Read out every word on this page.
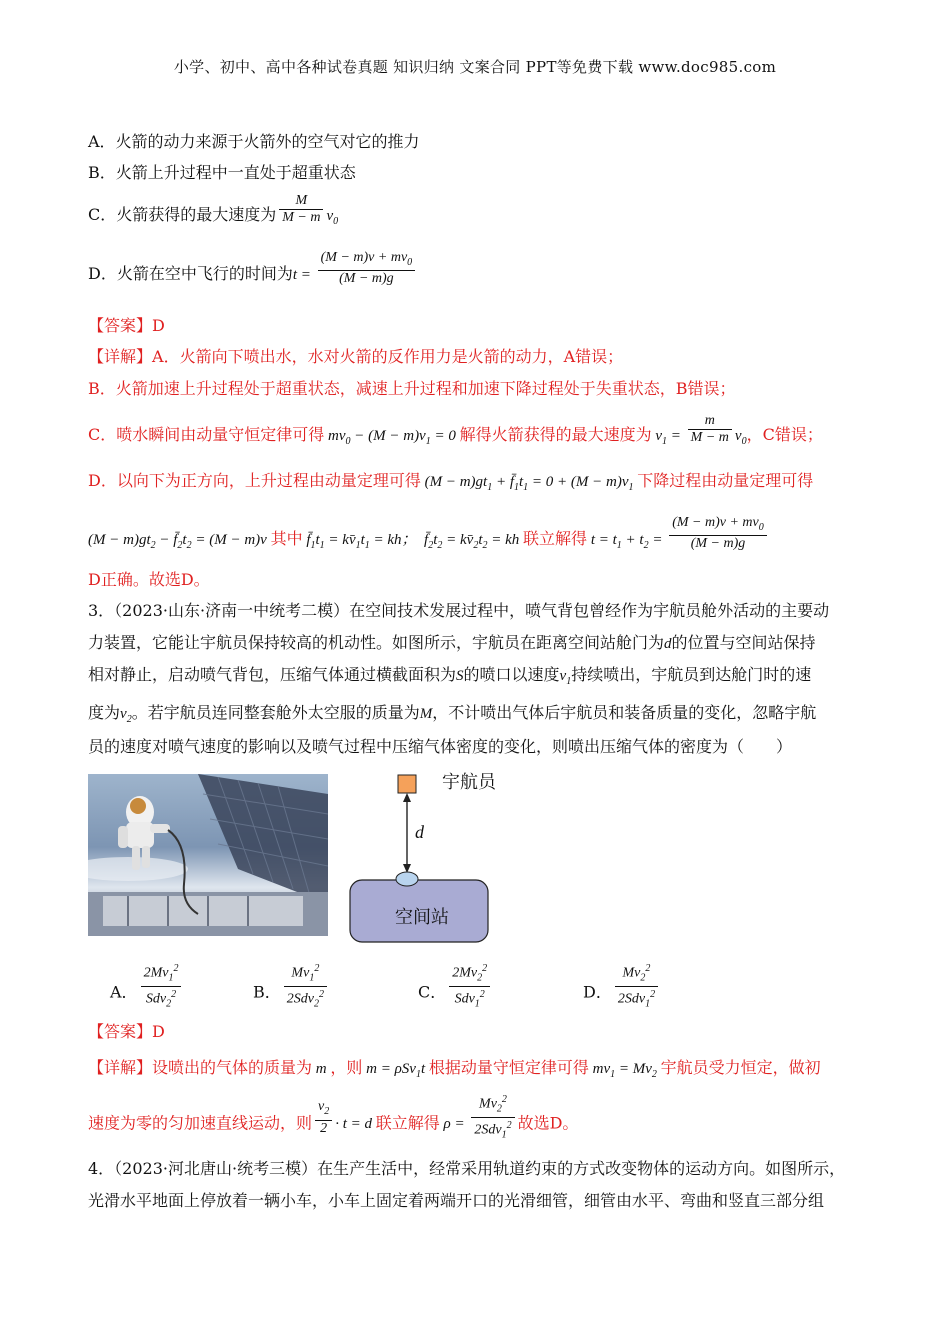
小学、初中、高中各种试卷真题 知识归纳 文案合同 PPT等免费下载 www.doc985.com
A．火箭的动力来源于火箭外的空气对它的推力
B．火箭上升过程中一直处于超重状态
C．火箭获得的最大速度为 $\frac{M}{M - m} v_0$
D．火箭在空中飞行的时间为$t = \frac{(M - m)v + mv_0}{(M - m)g}$
【答案】D
【详解】A．火箭向下喷出水，水对火箭的反作用力是火箭的动力，A错误；
B．火箭加速上升过程处于超重状态，减速上升过程和加速下降过程处于失重状态，B错误；
C．喷水瞬间由动量守恒定律可得 $mv_0 - (M - m)v_1 = 0$ 解得火箭获得的最大速度为 $v_1 = \frac{m}{M - m} v_0$，C错误；
D．以向下为正方向，上升过程由动量定理可得 $(M - m)gt_1$ + $f̄_1t_1 = 0 + (M - m)v_1$ 下降过程由动量定理可得
$(M - m)gt_2$ − $f̄_2t_2 = (M - m)v$ 其中 $f̄_1t_1$ = $kv̄_1t_1$ = kh；　$f̄_2t_2$ = $kv̄_2t_2$ = kh 联立解得 $t = t_1 + t_2 = \frac{(M - m)v + mv_0}{(M - m)g}$
D正确。故选D。
3．（2023·山东·济南一中统考二模）在空间技术发展过程中，喷气背包曾经作为宇航员舱外活动的主要动
力装置，它能让宇航员保持较高的机动性。如图所示，宇航员在距离空间站舱门为d的位置与空间站保持
相对静止，启动喷气背包，压缩气体通过横截面积为S的喷口以速度$v_1$持续喷出，宇航员到达舱门时的速
度为$v_2$。若宇航员连同整套舱外太空服的质量为M，不计喷出气体后宇航员和装备质量的变化，忽略宇航
员的速度对喷气速度的影响以及喷气过程中压缩气体密度的变化，则喷出压缩气体的密度为（　　）
宇航员
d
空间站
A． $\frac{2Mv_1^2}{Sdv_2^2}$	B． $\frac{Mv_1^2}{2Sdv_2^2}$	C． $\frac{2Mv_2^2}{Sdv_1^2}$	D． $\frac{Mv_2^2}{2Sdv_1^2}$
【答案】D
【详解】设喷出的气体的质量为 m ，则 m = ρSv$_1$t 根据动量守恒定律可得 $mv_1 = Mv_2$ 宇航员受力恒定，做初
速度为零的匀加速直线运动，则 $\frac{v_2}{2} \cdot t = d$ 联立解得 $\rho = \frac{Mv_2^2}{2Sdv_1^2}$ 故选D。
4．（2023·河北唐山·统考三模）在生产生活中，经常采用轨道约束的方式改变物体的运动方向。如图所示，
光滑水平地面上停放着一辆小车，小车上固定着两端开口的光滑细管，细管由水平、弯曲和竖直三部分组
